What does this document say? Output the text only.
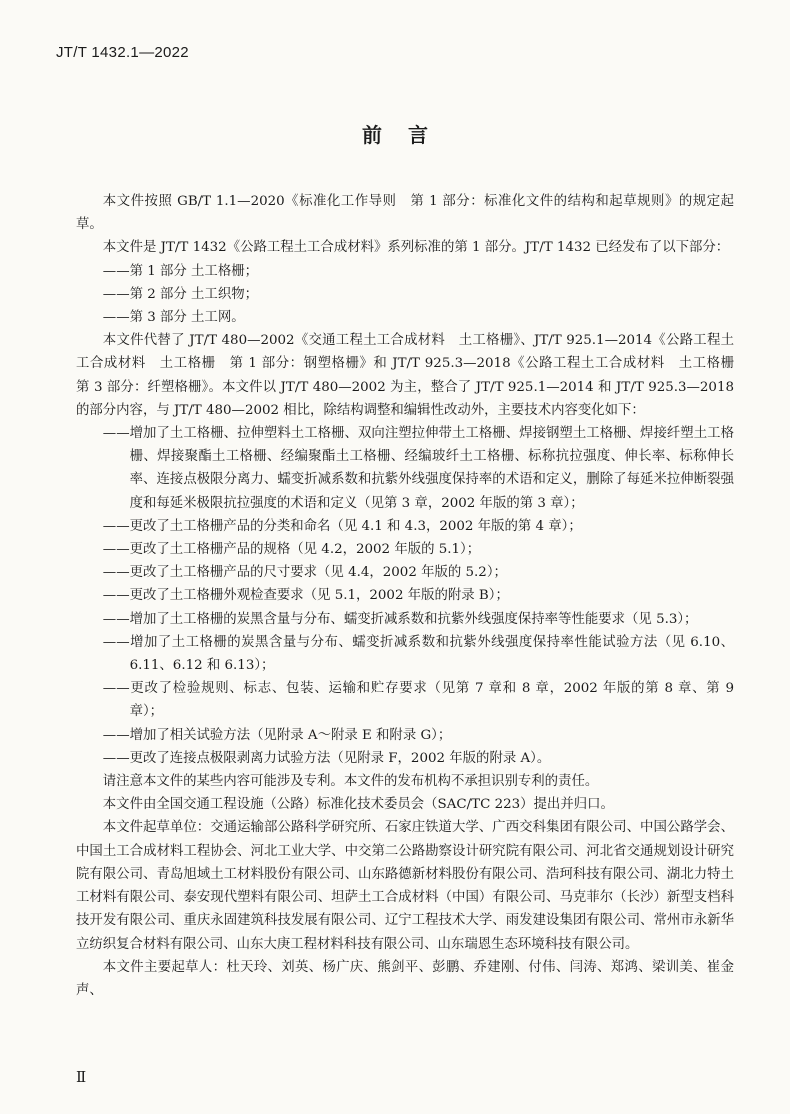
JT/T 1432.1—2022
前言

本文件按照 GB/T 1.1—2020《标准化工作导则　第 1 部分：标准化文件的结构和起草规则》的规定起草。

本文件是 JT/T 1432《公路工程土工合成材料》系列标准的第 1 部分。JT/T 1432 已经发布了以下部分：

——第 1 部分 土工格栅；

——第 2 部分 土工织物；

——第 3 部分 土工网。

本文件代替了 JT/T 480—2002《交通工程土工合成材料　土工格栅》、JT/T 925.1—2014《公路工程土工合成材料　土工格栅　第 1 部分：钢塑格栅》和 JT/T 925.3—2018《公路工程土工合成材料　土工格栅　第 3 部分：纤塑格栅》。本文件以 JT/T 480—2002 为主，整合了 JT/T 925.1—2014 和 JT/T 925.3—2018 的部分内容，与 JT/T 480—2002 相比，除结构调整和编辑性改动外，主要技术内容变化如下：

——增加了土工格栅、拉伸塑料土工格栅、双向注塑拉伸带土工格栅、焊接钢塑土工格栅、焊接纤塑土工格栅、焊接聚酯土工格栅、经编聚酯土工格栅、经编玻纤土工格栅、标称抗拉强度、伸长率、标称伸长率、连接点极限分离力、蠕变折减系数和抗紫外线强度保持率的术语和定义，删除了每延米拉伸断裂强度和每延米极限抗拉强度的术语和定义（见第 3 章，2002 年版的第 3 章）；

——更改了土工格栅产品的分类和命名（见 4.1 和 4.3，2002 年版的第 4 章）；

——更改了土工格栅产品的规格（见 4.2，2002 年版的 5.1）；

——更改了土工格栅产品的尺寸要求（见 4.4，2002 年版的 5.2）；

——更改了土工格栅外观检查要求（见 5.1，2002 年版的附录 B）；

——增加了土工格栅的炭黑含量与分布、蠕变折减系数和抗紫外线强度保持率等性能要求（见 5.3）；

——增加了土工格栅的炭黑含量与分布、蠕变折减系数和抗紫外线强度保持率性能试验方法（见 6.10、6.11、6.12 和 6.13）；

——更改了检验规则、标志、包装、运输和贮存要求（见第 7 章和 8 章，2002 年版的第 8 章、第 9 章）；

——增加了相关试验方法（见附录 A～附录 E 和附录 G）；

——更改了连接点极限剥离力试验方法（见附录 F，2002 年版的附录 A）。

请注意本文件的某些内容可能涉及专利。本文件的发布机构不承担识别专利的责任。

本文件由全国交通工程设施（公路）标准化技术委员会（SAC/TC 223）提出并归口。

本文件起草单位：交通运输部公路科学研究所、石家庄铁道大学、广西交科集团有限公司、中国公路学会、中国土工合成材料工程协会、河北工业大学、中交第二公路勘察设计研究院有限公司、河北省交通规划设计研究院有限公司、青岛旭域土工材料股份有限公司、山东路德新材料股份有限公司、浩珂科技有限公司、湖北力特土工材料有限公司、泰安现代塑料有限公司、坦萨土工合成材料（中国）有限公司、马克菲尔（长沙）新型支档科技开发有限公司、重庆永固建筑科技发展有限公司、辽宁工程技术大学、雨发建设集团有限公司、常州市永新华立纺织复合材料有限公司、山东大庚工程材料科技有限公司、山东瑞恩生态环境科技有限公司。

本文件主要起草人：杜天玲、刘英、杨广庆、熊剑平、彭鹏、乔建刚、付伟、闫涛、郑鸿、梁训美、崔金声、

Ⅱ
